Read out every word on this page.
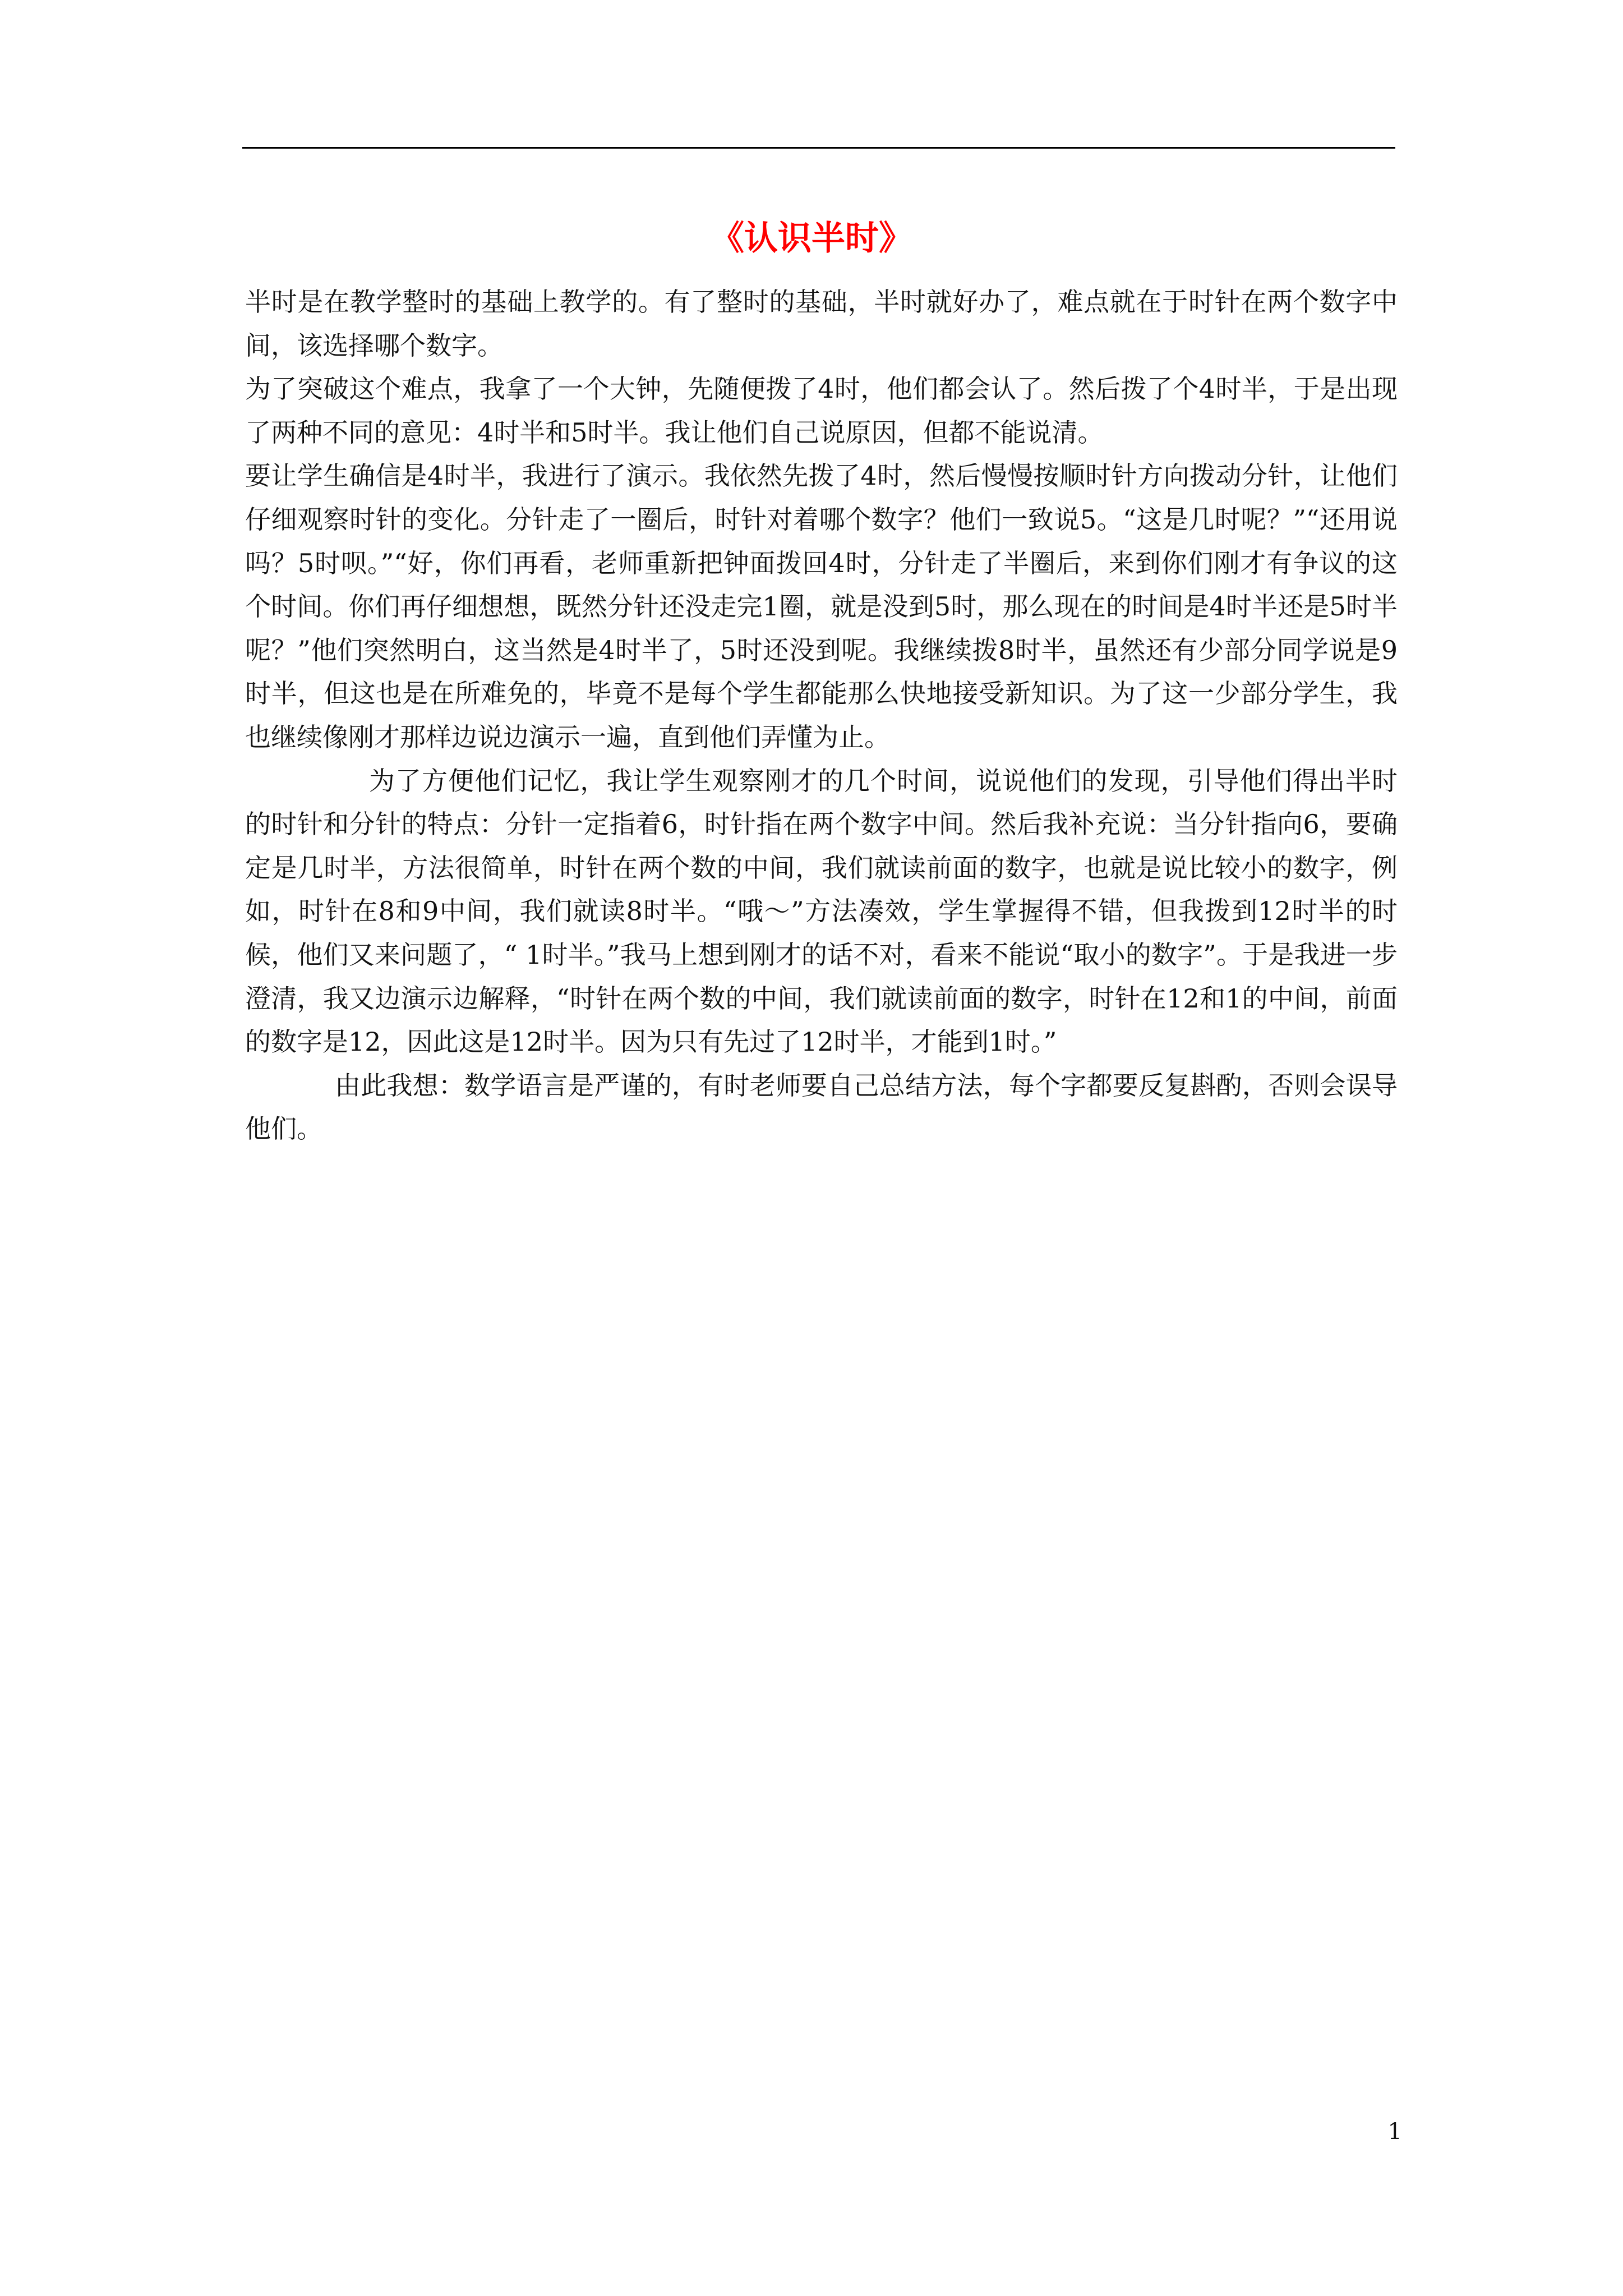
《认识半时》

半时是在教学整时的基础上教学的。有了整时的基础，半时就好办了，难点就在于时针在两个数字中间，该选择哪个数字。

为了突破这个难点，我拿了一个大钟，先随便拨了4时，他们都会认了。然后拨了个4时半，于是出现了两种不同的意见：4时半和5时半。我让他们自己说原因，但都不能说清。

要让学生确信是4时半，我进行了演示。我依然先拨了4时，然后慢慢按顺时针方向拨动分针，让他们仔细观察时针的变化。分针走了一圈后，时针对着哪个数字？他们一致说5。“这是几时呢？”“还用说吗？5时呗。”“好，你们再看，老师重新把钟面拨回4时，分针走了半圈后，来到你们刚才有争议的这个时间。你们再仔细想想，既然分针还没走完1圈，就是没到5时，那么现在的时间是4时半还是5时半呢？”他们突然明白，这当然是4时半了，5时还没到呢。我继续拨8时半，虽然还有少部分同学说是9时半，但这也是在所难免的，毕竟不是每个学生都能那么快地接受新知识。为了这一少部分学生，我也继续像刚才那样边说边演示一遍，直到他们弄懂为止。

为了方便他们记忆，我让学生观察刚才的几个时间，说说他们的发现，引导他们得出半时的时针和分针的特点：分针一定指着6，时针指在两个数字中间。然后我补充说：当分针指向6，要确定是几时半，方法很简单，时针在两个数的中间，我们就读前面的数字，也就是说比较小的数字，例如，时针在8和9中间，我们就读8时半。“哦～”方法凑效，学生掌握得不错，但我拨到12时半的时候，他们又来问题了，“ 1时半。”我马上想到刚才的话不对，看来不能说“取小的数字”。于是我进一步澄清，我又边演示边解释，“时针在两个数的中间，我们就读前面的数字，时针在12和1的中间，前面的数字是12，因此这是12时半。因为只有先过了12时半，才能到1时。”

由此我想：数学语言是严谨的，有时老师要自己总结方法，每个字都要反复斟酌，否则会误导他们。

1
